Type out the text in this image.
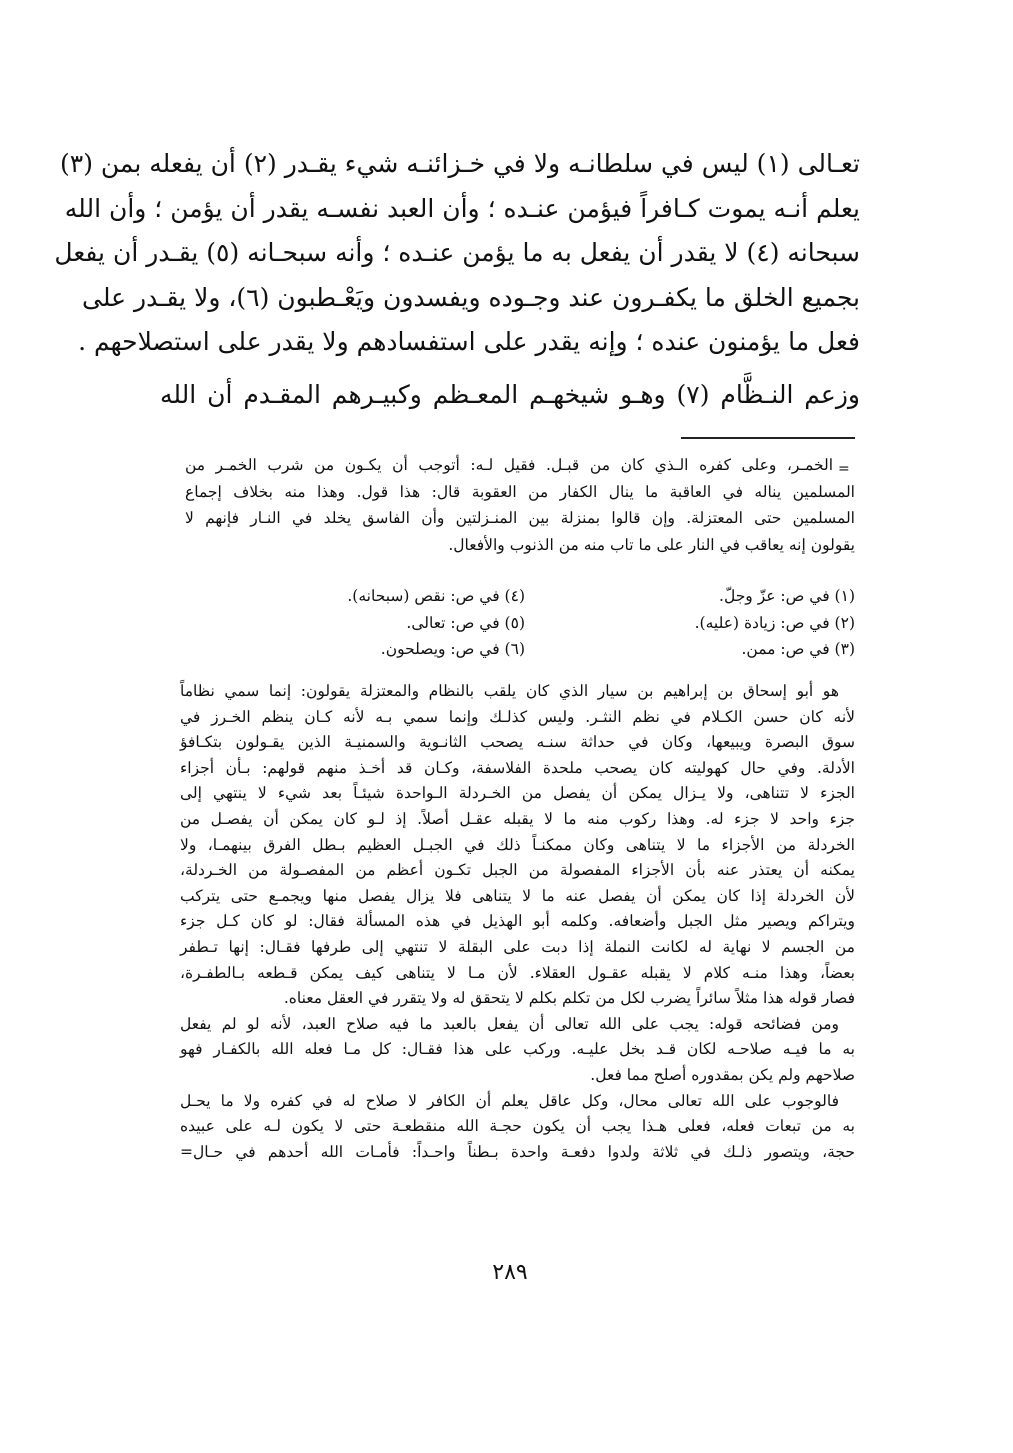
تعـالى (١) ليس في سلطانـه ولا في خـزائنـه شيء يقـدر (٢) أن يفعله بمن (٣)
يعلم أنـه يموت كـافراً فيؤمن عنـده ؛ وأن العبد نفسـه يقدر أن يؤمن ؛ وأن الله
سبحانه (٤) لا يقدر أن يفعل به ما يؤمن عنـده ؛ وأنه سبحـانه (٥) يقـدر أن يفعل
بجميع الخلق ما يكفـرون عند وجـوده ويفسدون ويَعْـطبون (٦)، ولا يقـدر على
فعل ما يؤمنون عنده ؛ وإنه يقدر على استفسادهم ولا يقدر على استصلاحهم .
وزعم النـظَّام (٧) وهـو شيخهـم المعـظم وكبيـرهم المقـدم أن الله
=
الخمـر، وعلى كفره الـذي كان من قبـل. فقيل لـه: أتوجب أن يكـون من شرب الخمـر من
المسلمين يناله في العاقبة ما ينال الكفار من العقوبة قال: هذا قول. وهذا منه بخلاف إجماع
المسلمين حتى المعتزلة. وإن قالوا بمنزلة بين المنـزلتين وأن الفاسق يخلد في النـار فإنهم لا
يقولون إنه يعاقب في النار على ما تاب منه من الذنوب والأفعال.
(١) في ص: عزّ وجلّ.
(٢) في ص: زيادة (عليه).
(٣) في ص: ممن.
(٤) في ص: نقص (سبحانه).
(٥) في ص: تعالى.
(٦) في ص: ويصلحون.
هو أبو إسحاق بن إبراهيم بن سيار الذي كان يلقب بالنظام والمعتزلة يقولون: إنما سمي نظاماً
لأنه كان حسن الكـلام في نظم النثـر. وليس كذلـك وإنما سمي بـه لأنه كـان ينظم الخـرز في
سوق البصرة ويبيعها، وكان في حداثة سنـه يصحب الثانـوية والسمنيـة الذين يقـولون بتكـافؤ
الأدلة. وفي حال كهوليته كان يصحب ملحدة الفلاسفة، وكـان قد أخـذ منهم قولهم: بـأن أجزاء
الجزء لا تتناهى، ولا يـزال يمكن أن يفصل من الخـردلة الـواحدة شيئـاً بعد شيء لا ينتهي إلى
جزء واحد لا جزء له. وهذا ركوب منه ما لا يقبله عقـل أصلاً. إذ لـو كان يمكن أن يفصـل من
الخردلة من الأجزاء ما لا يتناهى وكان ممكنـاً ذلك في الجبـل العظيم بـطل الفرق بينهمـا، ولا
يمكنه أن يعتذر عنه بأن الأجزاء المفصولة من الجبل تكـون أعظم من المفصـولة من الخـردلة،
لأن الخردلة إذا كان يمكن أن يفصل عنه ما لا يتناهى فلا يزال يفصل منها ويجمـع حتى يتركب
ويتراكم ويصير مثل الجبل وأضعافه. وكلمه أبو الهذيل في هذه المسألة فقال: لو كان كـل جزء
من الجسم لا نهاية له لكانت النملة إذا دبت على البقلة لا تنتهي إلى طرفها فقـال: إنها تـطفر
بعضاً، وهذا منـه كلام لا يقبله عقـول العقلاء. لأن مـا لا يتناهى كيف يمكن قـطعه بـالطفـرة،
فصار قوله هذا مثلاً سائراً يضرب لكل من تكلم بكلم لا يتحقق له ولا يتقرر في العقل معناه.
ومن فضائحه قوله: يجب على الله تعالى أن يفعل بالعبد ما فيه صلاح العبد، لأنه لو لم يفعل
به ما فيـه صلاحـه لكان قـد بخل عليـه. وركب على هذا فقـال: كل مـا فعله الله بالكفـار فهو
صلاحهم ولم يكن بمقدوره أصلح مما فعل.
فالوجوب على الله تعالى محال، وكل عاقل يعلم أن الكافر لا صلاح له في كفره ولا ما يحـل
به من تبعات فعله، فعلى هـذا يجب أن يكون حجـة الله منقطعـة حتى لا يكون لـه على عبيده
حجة، ويتصور ذلـك في ثلاثة ولدوا دفعـة واحدة بـطناً واحـداً: فأمـات الله أحدهم في حـال=
٢٨٩
